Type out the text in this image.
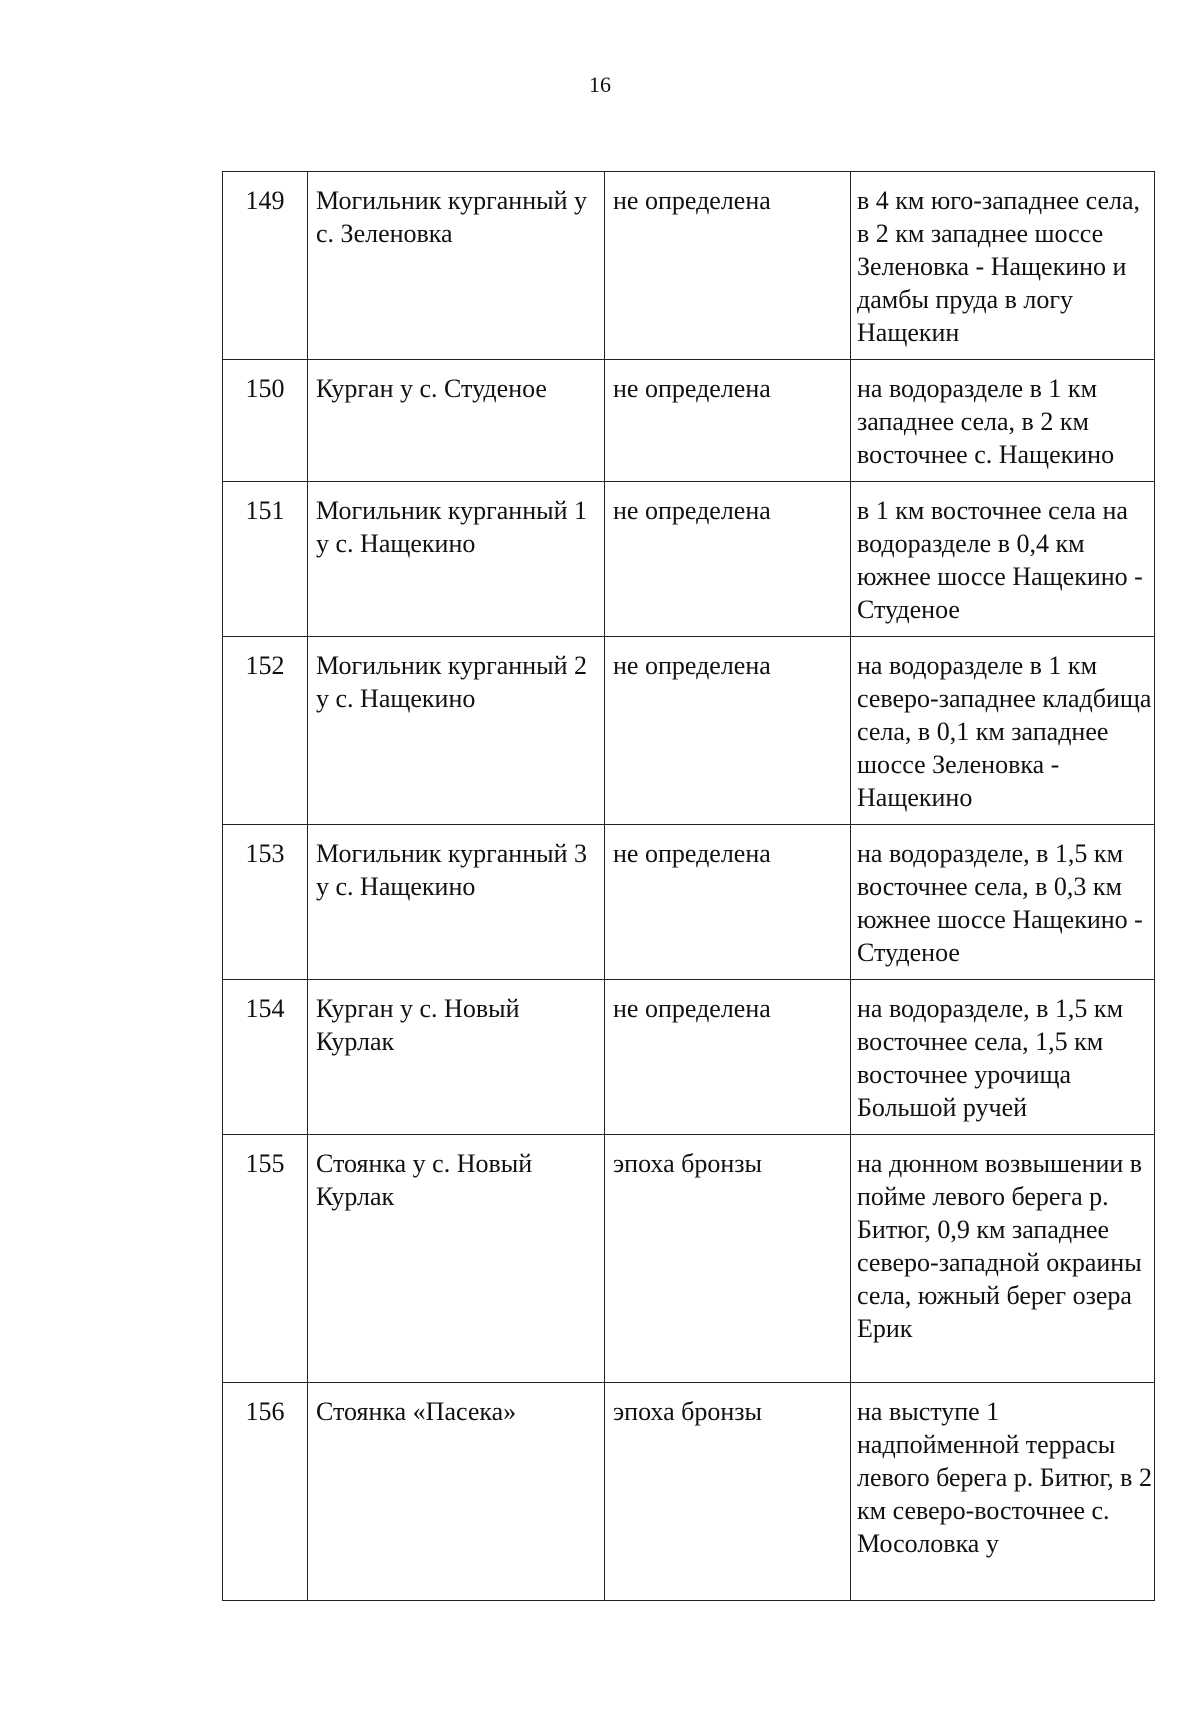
16
149	Могильник курганный у с. Зеленовка	не определена	в 4 км юго-западнее села, в 2 км западнее шоссе Зеленовка - Нащекино и дамбы пруда в логу Нащекин
150	Курган у с. Студеное	не определена	на водоразделе в 1 км западнее села, в 2 км восточнее с. Нащекино
151	Могильник курганный 1 у с. Нащекино	не определена	в 1 км восточнее села на водоразделе в 0,4 км южнее шоссе Нащекино - Студеное
152	Могильник курганный 2 у с. Нащекино	не определена	на водоразделе в 1 км северо-западнее кладбища села, в 0,1 км западнее шоссе Зеленовка - Нащекино
153	Могильник курганный 3 у с. Нащекино	не определена	на водоразделе, в 1,5 км восточнее села, в 0,3 км южнее шоссе Нащекино - Студеное
154	Курган у с. Новый Курлак	не определена	на водоразделе, в 1,5 км восточнее села, 1,5 км восточнее урочища Большой ручей
155	Стоянка у с. Новый Курлак	эпоха бронзы	на дюнном возвышении в пойме левого берега р. Битюг, 0,9 км западнее северо-западной окраины села, южный берег озера Ерик
156	Стоянка «Пасека»	эпоха бронзы	на выступе 1 надпойменной террасы левого берега р. Битюг, в 2 км северо-восточнее с. Мосоловка у
